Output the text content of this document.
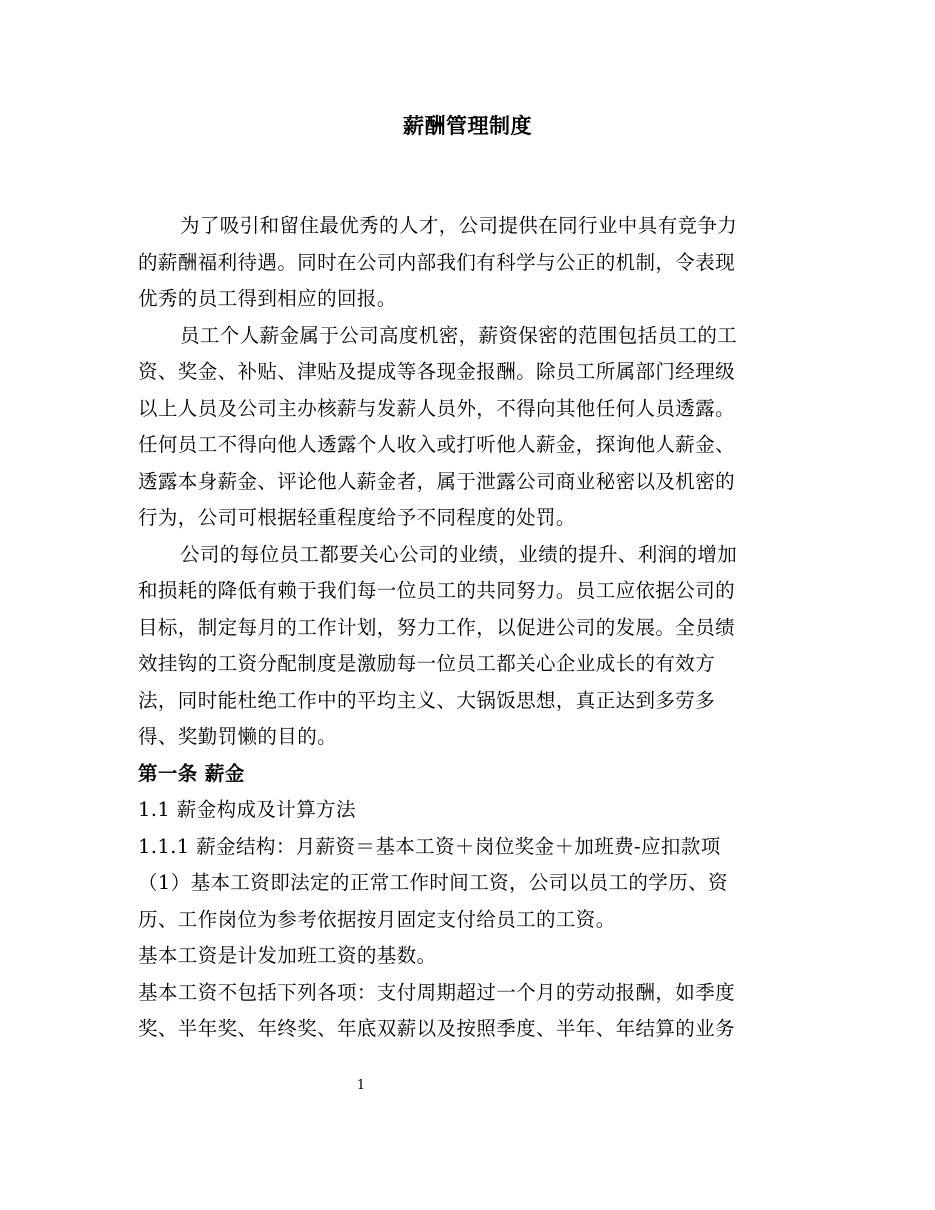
薪酬管理制度
为了吸引和留住最优秀的人才，公司提供在同行业中具有竞争力
的薪酬福利待遇。同时在公司内部我们有科学与公正的机制，令表现
优秀的员工得到相应的回报。
员工个人薪金属于公司高度机密，薪资保密的范围包括员工的工
资、奖金、补贴、津贴及提成等各现金报酬。除员工所属部门经理级
以上人员及公司主办核薪与发薪人员外，不得向其他任何人员透露。
任何员工不得向他人透露个人收入或打听他人薪金，探询他人薪金、
透露本身薪金、评论他人薪金者，属于泄露公司商业秘密以及机密的
行为，公司可根据轻重程度给予不同程度的处罚。
公司的每位员工都要关心公司的业绩，业绩的提升、利润的增加
和损耗的降低有赖于我们每一位员工的共同努力。员工应依据公司的
目标，制定每月的工作计划，努力工作，以促进公司的发展。全员绩
效挂钩的工资分配制度是激励每一位员工都关心企业成长的有效方
法，同时能杜绝工作中的平均主义、大锅饭思想，真正达到多劳多
得、奖勤罚懒的目的。
第一条 薪金
1.1 薪金构成及计算方法
1.1.1 薪金结构：月薪资＝基本工资＋岗位奖金＋加班费-应扣款项
（1）基本工资即法定的正常工作时间工资，公司以员工的学历、资
历、工作岗位为参考依据按月固定支付给员工的工资。
基本工资是计发加班工资的基数。
基本工资不包括下列各项：支付周期超过一个月的劳动报酬，如季度
奖、半年奖、年终奖、年底双薪以及按照季度、半年、年结算的业务
1
